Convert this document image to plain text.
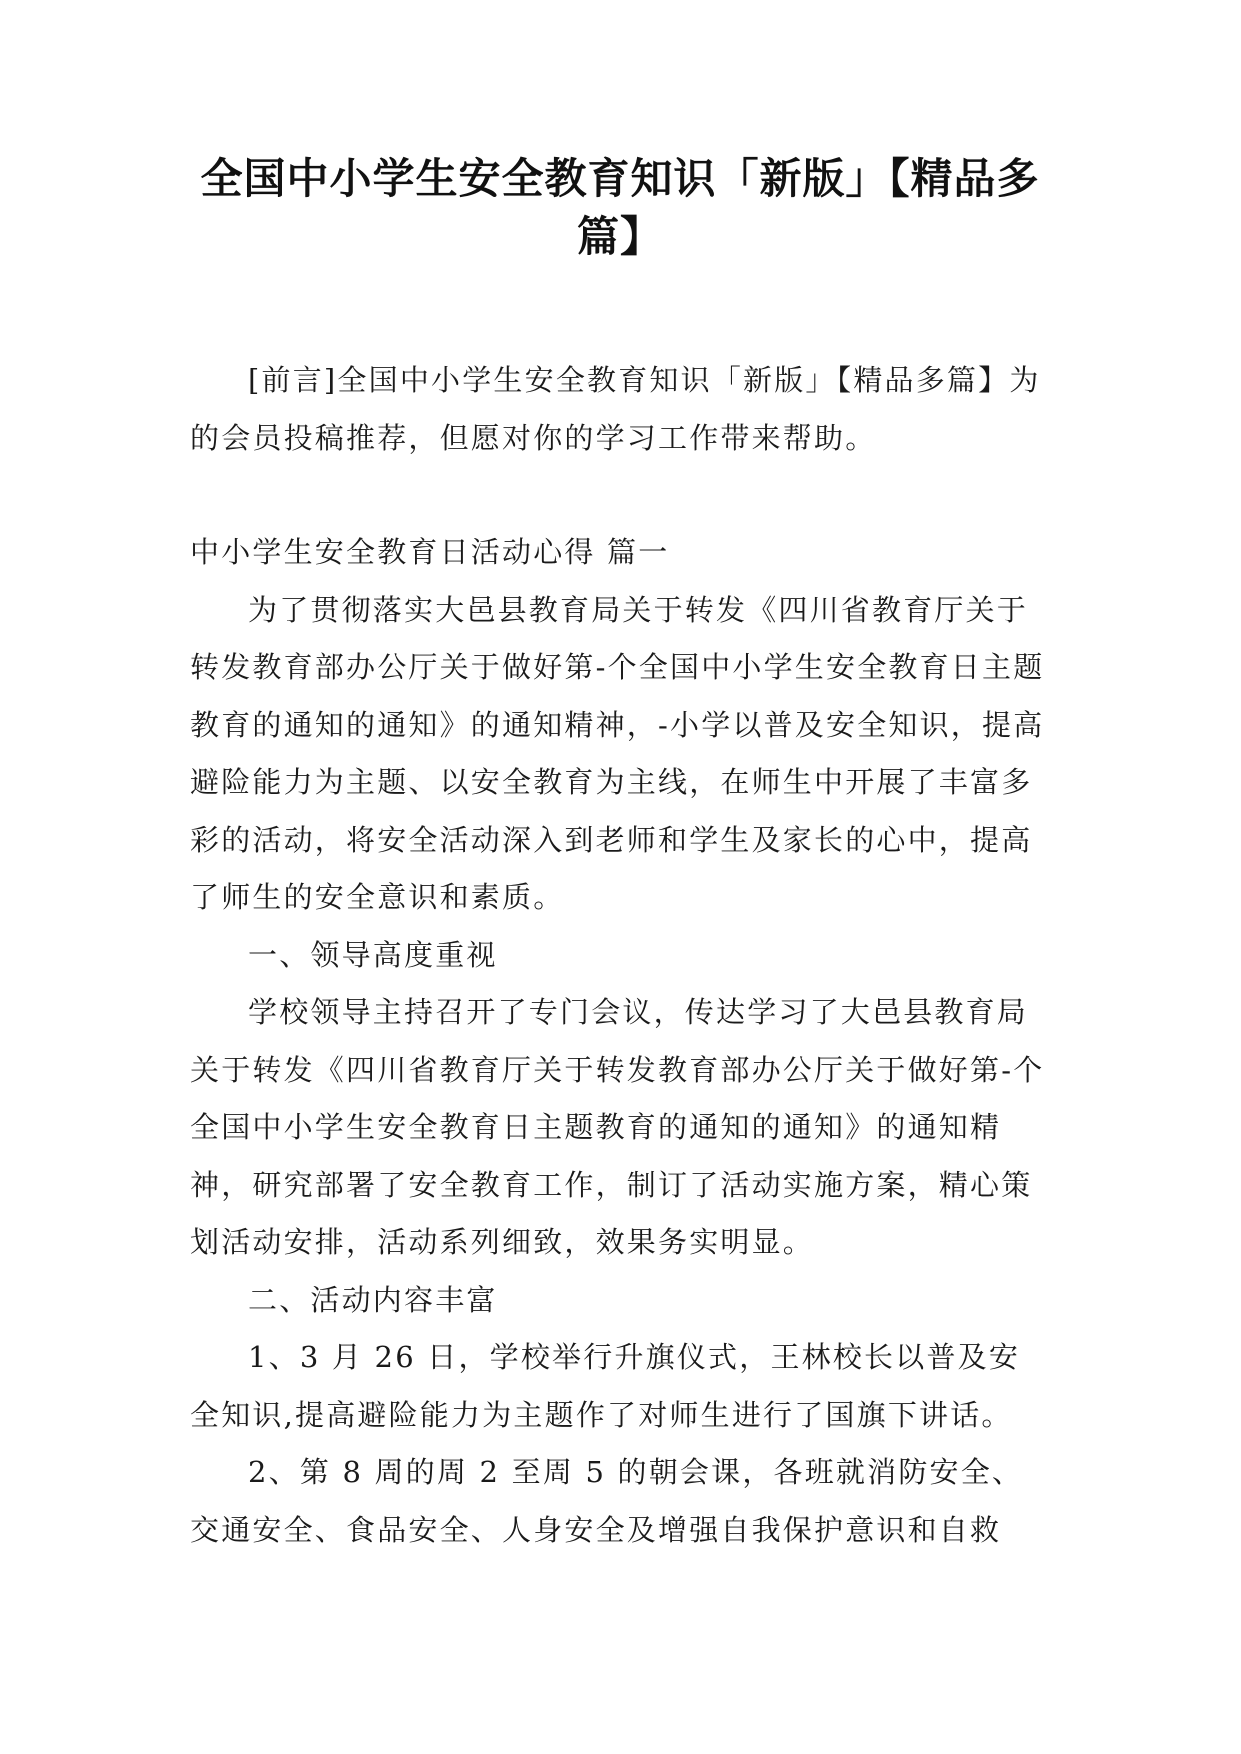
全国中小学生安全教育知识「新版」【精品多篇】

[前言]全国中小学生安全教育知识「新版」【精品多篇】为的会员投稿推荐，但愿对你的学习工作带来帮助。

中小学生安全教育日活动心得 篇一

为了贯彻落实大邑县教育局关于转发《四川省教育厅关于转发教育部办公厅关于做好第-个全国中小学生安全教育日主题教育的通知的通知》的通知精神，-小学以普及安全知识，提高避险能力为主题、以安全教育为主线，在师生中开展了丰富多彩的活动，将安全活动深入到老师和学生及家长的心中，提高了师生的安全意识和素质。

一、领导高度重视

学校领导主持召开了专门会议，传达学习了大邑县教育局关于转发《四川省教育厅关于转发教育部办公厅关于做好第-个全国中小学生安全教育日主题教育的通知的通知》的通知精神，研究部署了安全教育工作，制订了活动实施方案，精心策划活动安排，活动系列细致，效果务实明显。

二、活动内容丰富

1、3 月 26 日，学校举行升旗仪式，王林校长以普及安全知识,提高避险能力为主题作了对师生进行了国旗下讲话。

2、第 8 周的周 2 至周 5 的朝会课，各班就消防安全、交通安全、食品安全、人身安全及增强自我保护意识和自救
